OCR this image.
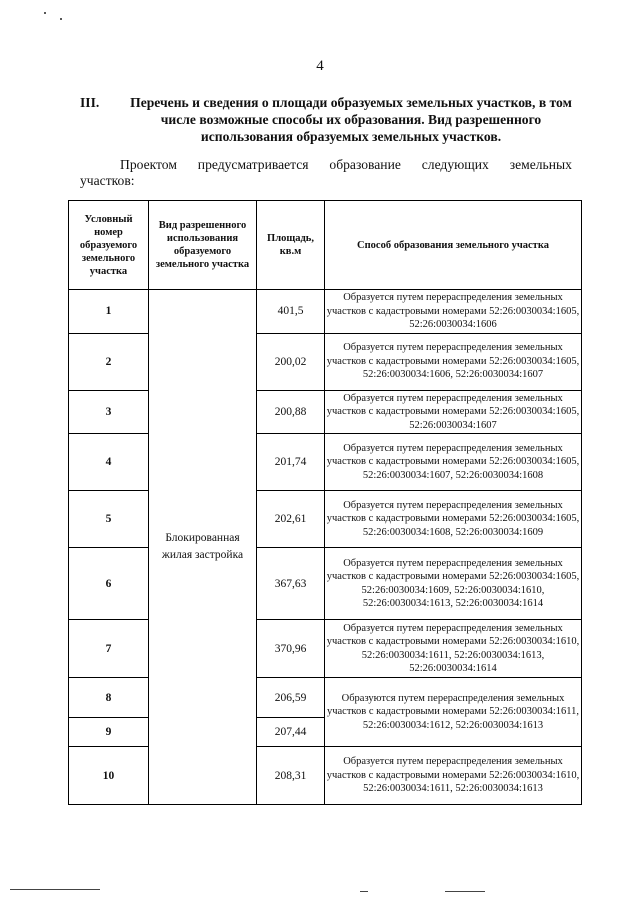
4
III.	Перечень и сведения о площади образуемых земельных участков, в том числе возможные способы их образования. Вид разрешенного использования образуемых земельных участков.
Проектом предусматривается образование следующих земельных
участков:
Условный номер образуемого земельного участка	Вид разрешенного использования образуемого земельного участка	Площадь, кв.м	Способ образования земельного участка
1	Блокированная жилая застройка	401,5	Образуется путем перераспределения земельных участков с кадастровыми номерами 52:26:0030034:1605, 52:26:0030034:1606
2		200,02	Образуется путем перераспределения земельных участков с кадастровыми номерами 52:26:0030034:1605, 52:26:0030034:1606, 52:26:0030034:1607
3		200,88	Образуется путем перераспределения земельных участков с кадастровыми номерами 52:26:0030034:1605, 52:26:0030034:1607
4		201,74	Образуется путем перераспределения земельных участков с кадастровыми номерами 52:26:0030034:1605, 52:26:0030034:1607, 52:26:0030034:1608
5		202,61	Образуется путем перераспределения земельных участков с кадастровыми номерами 52:26:0030034:1605, 52:26:0030034:1608, 52:26:0030034:1609
6		367,63	Образуется путем перераспределения земельных участков с кадастровыми номерами 52:26:0030034:1605, 52:26:0030034:1609, 52:26:0030034:1610, 52:26:0030034:1613, 52:26:0030034:1614
7		370,96	Образуется путем перераспределения земельных участков с кадастровыми номерами 52:26:0030034:1610, 52:26:0030034:1611, 52:26:0030034:1613, 52:26:0030034:1614
8		206,59	Образуются путем перераспределения земельных участков с кадастровыми номерами 52:26:0030034:1611, 52:26:0030034:1612, 52:26:0030034:1613
9		207,44	
10		208,31	Образуется путем перераспределения земельных участков с кадастровыми номерами 52:26:0030034:1610, 52:26:0030034:1611, 52:26:0030034:1613
